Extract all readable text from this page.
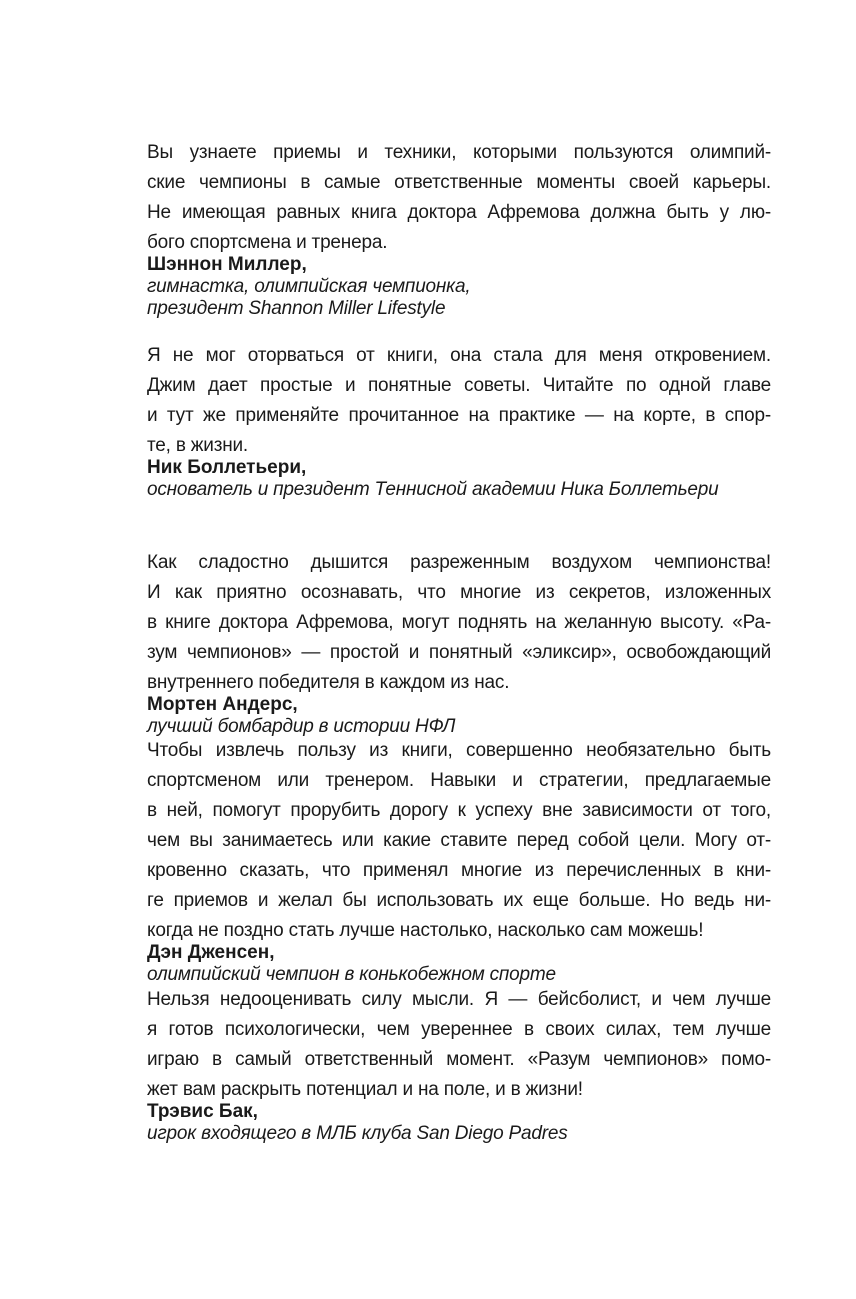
Вы узнаете приемы и техники, которыми пользуются олимпий-
ские чемпионы в самые ответственные моменты своей карьеры.
Не имеющая равных книга доктора Афремова должна быть у лю-
бого спортсмена и тренера.
Шэннон Миллер,
гимнастка, олимпийская чемпионка,
президент Shannon Miller Lifestyle
Я не мог оторваться от книги, она стала для меня откровением.
Джим дает простые и понятные советы. Читайте по одной главе
и тут же применяйте прочитанное на практике — на корте, в спор-
те, в жизни.
Ник Боллетьери,
основатель и президент Теннисной академии Ника Боллетьери
Как сладостно дышится разреженным воздухом чемпионства!
И как приятно осознавать, что многие из секретов, изложенных
в книге доктора Афремова, могут поднять на желанную высоту. «Ра-
зум чемпионов» — простой и понятный «эликсир», освобождающий
внутреннего победителя в каждом из нас.
Мортен Андерс,
лучший бомбардир в истории НФЛ
Чтобы извлечь пользу из книги, совершенно необязательно быть
спортсменом или тренером. Навыки и стратегии, предлагаемые
в ней, помогут прорубить дорогу к успеху вне зависимости от того,
чем вы занимаетесь или какие ставите перед собой цели. Могу от-
кровенно сказать, что применял многие из перечисленных в кни-
ге приемов и желал бы использовать их еще больше. Но ведь ни-
когда не поздно стать лучше настолько, насколько сам можешь!
Дэн Дженсен,
олимпийский чемпион в конькобежном спорте
Нельзя недооценивать силу мысли. Я — бейсболист, и чем лучше
я готов психологически, чем увереннее в своих силах, тем лучше
играю в самый ответственный момент. «Разум чемпионов» помо-
жет вам раскрыть потенциал и на поле, и в жизни!
Трэвис Бак,
игрок входящего в МЛБ клуба San Diego Padres
